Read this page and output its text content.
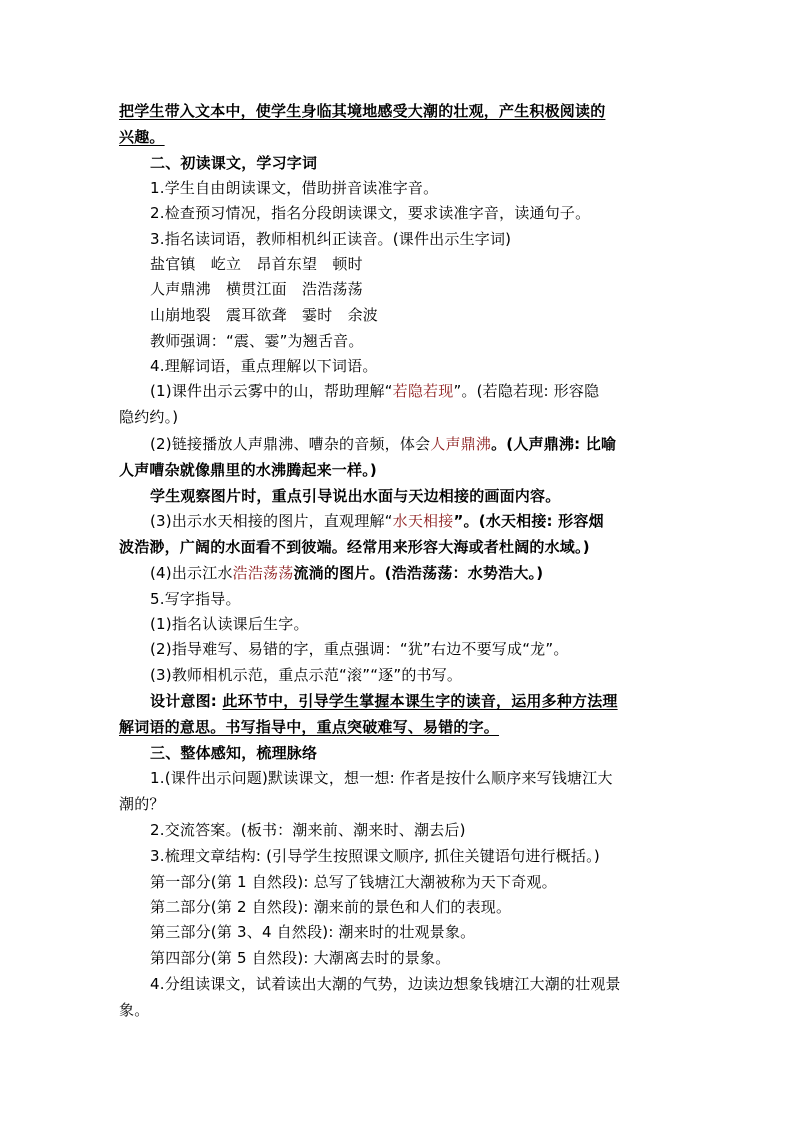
把学生带入文本中，使学生身临其境地感受大潮的壮观，产生积极阅读的
兴趣。
二、初读课文，学习字词
1.学生自由朗读课文，借助拼音读准字音。
2.检查预习情况，指名分段朗读课文，要求读准字音，读通句子。
3.指名读词语，教师相机纠正读音。(课件出示生字词)
盐官镇　屹立　昂首东望　顿时
人声鼎沸　横贯江面　浩浩荡荡
山崩地裂　震耳欲聋　霎时　余波
教师强调：“震、霎”为翘舌音。
4.理解词语，重点理解以下词语。
(1)课件出示云雾中的山，帮助理解“若隐若现”。(若隐若现: 形容隐
隐约约。)
(2)链接播放人声鼎沸、嘈杂的音频，体会人声鼎沸。(人声鼎沸: 比喻
人声嘈杂就像鼎里的水沸腾起来一样。)
学生观察图片时，重点引导说出水面与天边相接的画面内容。
(3)出示水天相接的图片，直观理解“水天相接”。(水天相接: 形容烟
波浩渺，广阔的水面看不到彼端。经常用来形容大海或者杜阔的水域。)
(4)出示江水浩浩荡荡流淌的图片。(浩浩荡荡：水势浩大。)
5.写字指导。
(1)指名认读课后生字。
(2)指导难写、易错的字，重点强调：“犹”右边不要写成“龙”。
(3)教师相机示范，重点示范“滚”“逐”的书写。
设计意图: 此环节中，引导学生掌握本课生字的读音，运用多种方法理
解词语的意思。书写指导中，重点突破难写、易错的字。
三、整体感知，梳理脉络
1.(课件出示问题)默读课文，想一想: 作者是按什么顺序来写钱塘江大
潮的？
2.交流答案。(板书：潮来前、潮来时、潮去后)
3.梳理文章结构: (引导学生按照课文顺序, 抓住关键语句进行概括。)
第一部分(第 1 自然段): 总写了钱塘江大潮被称为天下奇观。
第二部分(第 2 自然段): 潮来前的景色和人们的表现。
第三部分(第 3、4 自然段): 潮来时的壮观景象。
第四部分(第 5 自然段): 大潮离去时的景象。
4.分组读课文，试着读出大潮的气势，边读边想象钱塘江大潮的壮观景
象。
